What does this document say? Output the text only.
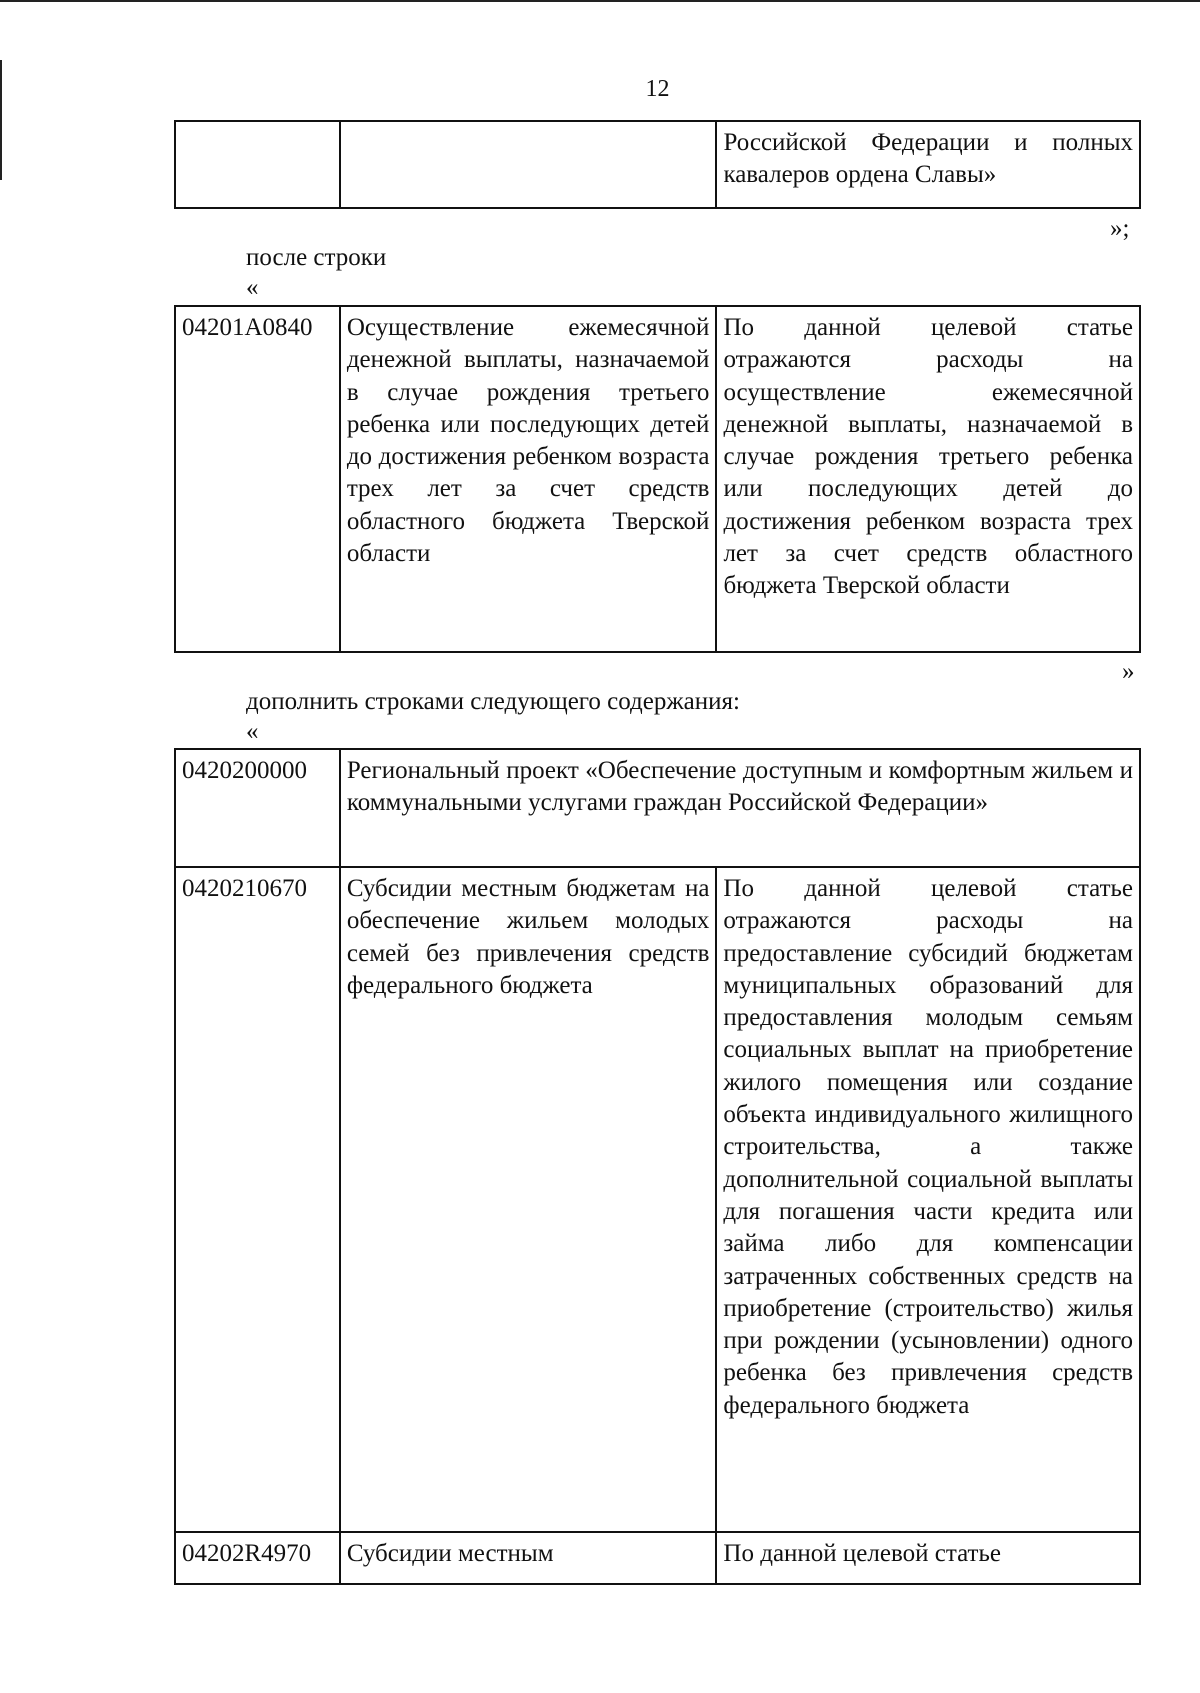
12
		Российской Федерации и полных кавалеров ордена Славы»
»;
после строки
«
04201А0840	Осуществление ежемесячной денежной выплаты, назначаемой в случае рождения третьего ребенка или последующих детей до достижения ребенком возраста трех лет за счет средств областного бюджета Тверской области	По данной целевой статье отражаются расходы на осуществление ежемесячной денежной выплаты, назначаемой в случае рождения третьего ребенка или последующих детей до достижения ребенком возраста трех лет за счет средств областного бюджета Тверской области
»
дополнить строками следующего содержания:
«
0420200000	Региональный проект «Обеспечение доступным и комфортным жильем и коммунальными услугами граждан Российской Федерации»	
0420210670	Субсидии местным бюджетам на обеспечение жильем молодых семей без привлечения средств федерального бюджета	По данной целевой статье отражаются расходы на предоставление субсидий бюджетам муниципальных образований для предоставления молодым семьям социальных выплат на приобретение жилого помещения или создание объекта индивидуального жилищного строительства, а также дополнительной социальной выплаты для погашения части кредита или займа либо для компенсации затраченных собственных средств на приобретение (строительство) жилья при рождении (усыновлении) одного ребенка без привлечения средств федерального бюджета
04202R4970	Субсидии местным	По данной целевой статье
